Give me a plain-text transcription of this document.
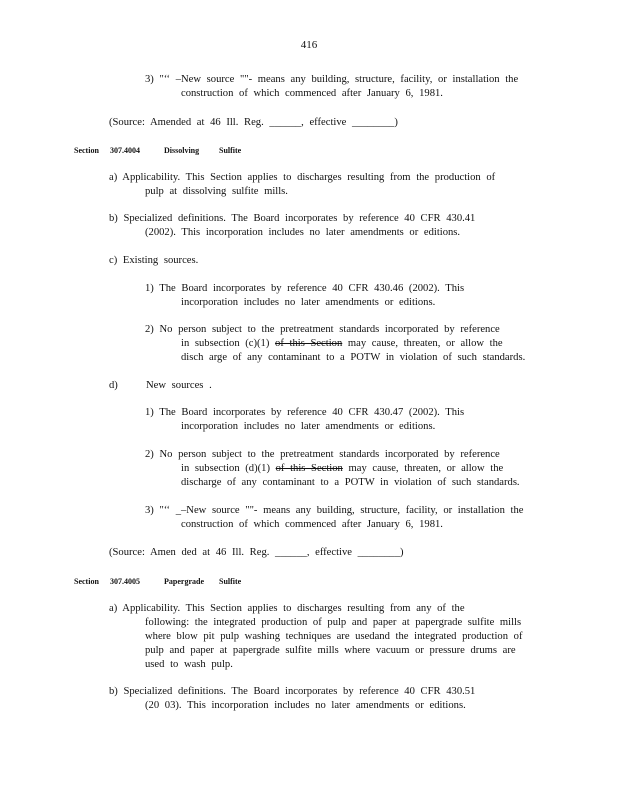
416
3) "‘‘ –New source ""- means any building, structure, facility, or installation the
construction of which commenced after January 6, 1981.
(Source: Amended at 46 Ill. Reg. ______, effective ________)
Section 307.4004	Dissolving Sulfite
a) Applicability. This Section applies to discharges resulting from the production of
pulp at dissolving sulfite mills.
b) Specialized definitions. The Board incorporates by reference 40 CFR 430.41
(2002). This incorporation includes no later amendments or editions.
c) Existing sources.
1) The Board incorporates by reference 40 CFR 430.46 (2002). This
incorporation includes no later amendments or editions.
2) No person subject to the pretreatment standards incorporated by reference
in subsection (c)(1) of this Section may cause, threaten, or allow the
disch arge of any contaminant to a POTW in violation of such standards.
d)	New sources .
1) The Board incorporates by reference 40 CFR 430.47 (2002). This
incorporation includes no later amendments or editions.
2) No person subject to the pretreatment standards incorporated by reference
in subsection (d)(1) of this Section may cause, threaten, or allow the
discharge of any contaminant to a POTW in violation of such standards.
3) "‘‘ _–New source ""- means any building, structure, facility, or installation the
construction of which commenced after January 6, 1981.
(Source: Amen ded at 46 Ill. Reg. ______, effective ________)
Section 307.4005	Papergrade Sulfite
a) Applicability. This Section applies to discharges resulting from any of the
following: the integrated production of pulp and paper at papergrade sulfite mills
where blow pit pulp washing techniques are usedand the integrated production of
pulp and paper at papergrade sulfite mills where vacuum or pressure drums are
used to wash pulp.
b) Specialized definitions. The Board incorporates by reference 40 CFR 430.51
(20 03). This incorporation includes no later amendments or editions.
